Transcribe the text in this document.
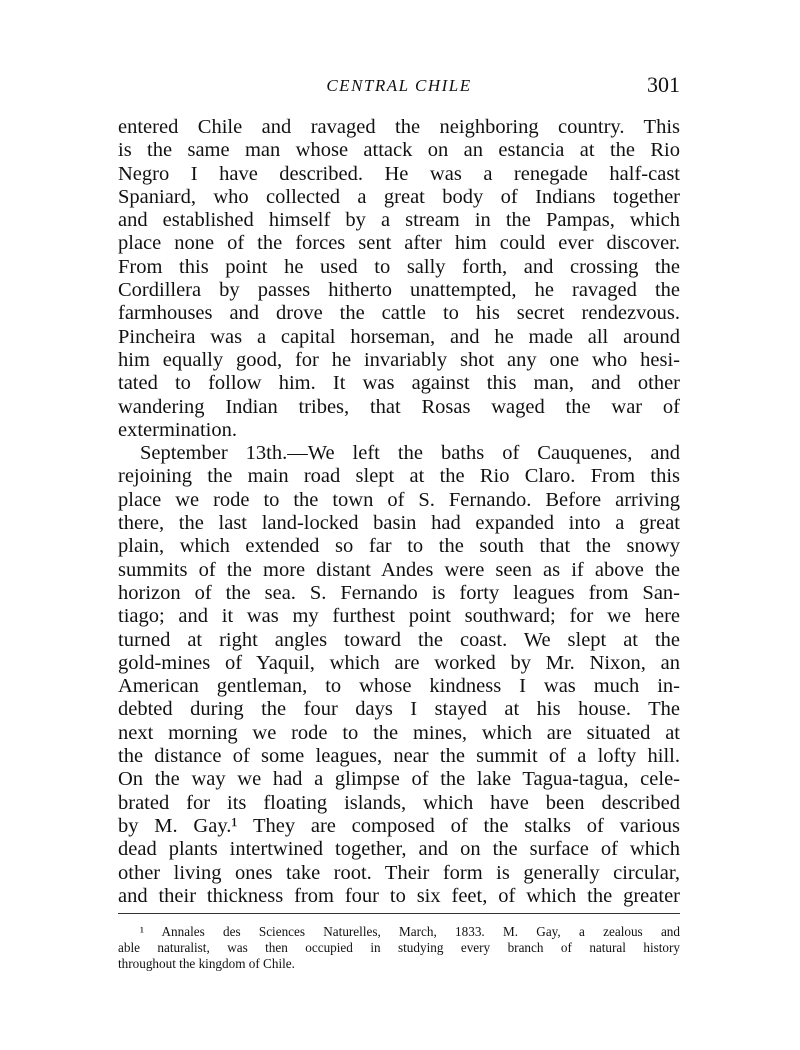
CENTRAL CHILE	301
entered Chile and ravaged the neighboring country. This
is the same man whose attack on an estancia at the Rio
Negro I have described. He was a renegade half-cast
Spaniard, who collected a great body of Indians together
and established himself by a stream in the Pampas, which
place none of the forces sent after him could ever discover.
From this point he used to sally forth, and crossing the
Cordillera by passes hitherto unattempted, he ravaged the
farmhouses and drove the cattle to his secret rendezvous.
Pincheira was a capital horseman, and he made all around
him equally good, for he invariably shot any one who hesi-
tated to follow him. It was against this man, and other
wandering Indian tribes, that Rosas waged the war of
extermination.
September 13th.—We left the baths of Cauquenes, and
rejoining the main road slept at the Rio Claro. From this
place we rode to the town of S. Fernando. Before arriving
there, the last land-locked basin had expanded into a great
plain, which extended so far to the south that the snowy
summits of the more distant Andes were seen as if above the
horizon of the sea. S. Fernando is forty leagues from San-
tiago; and it was my furthest point southward; for we here
turned at right angles toward the coast. We slept at the
gold-mines of Yaquil, which are worked by Mr. Nixon, an
American gentleman, to whose kindness I was much in-
debted during the four days I stayed at his house. The
next morning we rode to the mines, which are situated at
the distance of some leagues, near the summit of a lofty hill.
On the way we had a glimpse of the lake Tagua-tagua, cele-
brated for its floating islands, which have been described
by M. Gay.¹ They are composed of the stalks of various
dead plants intertwined together, and on the surface of which
other living ones take root. Their form is generally circular,
and their thickness from four to six feet, of which the greater
¹ Annales des Sciences Naturelles, March, 1833. M. Gay, a zealous and
able naturalist, was then occupied in studying every branch of natural history
throughout the kingdom of Chile.
